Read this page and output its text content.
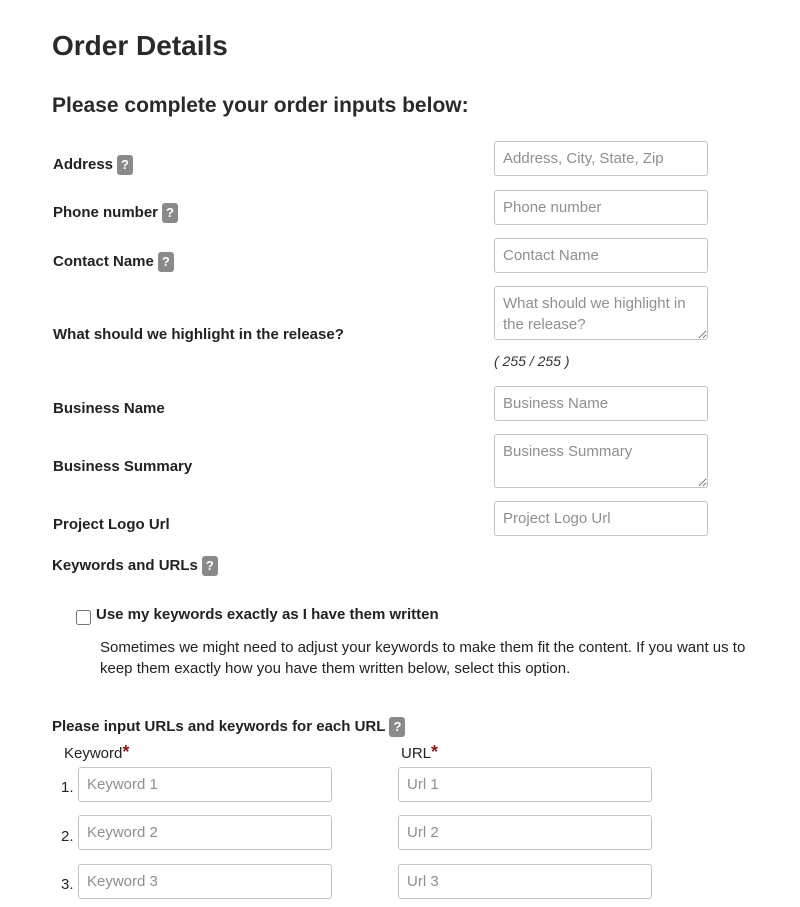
Order Details
Please complete your order inputs below:
Address ?
Address, City, State, Zip
Phone number ?
Phone number
Contact Name ?
Contact Name
What should we highlight in the release?
What should we highlight in the release?
( 255 / 255 )
Business Name
Business Name
Business Summary
Business Summary
Project Logo Url
Project Logo Url
Keywords and URLs ?
Use my keywords exactly as I have them written
Sometimes we might need to adjust your keywords to make them fit the content. If you want us to keep them exactly how you have them written below, select this option.
Please input URLs and keywords for each URL ?
Keyword*	URL*
1.
Keyword 1
Url 1
2.
Keyword 2
Url 2
3.
Keyword 3
Url 3
